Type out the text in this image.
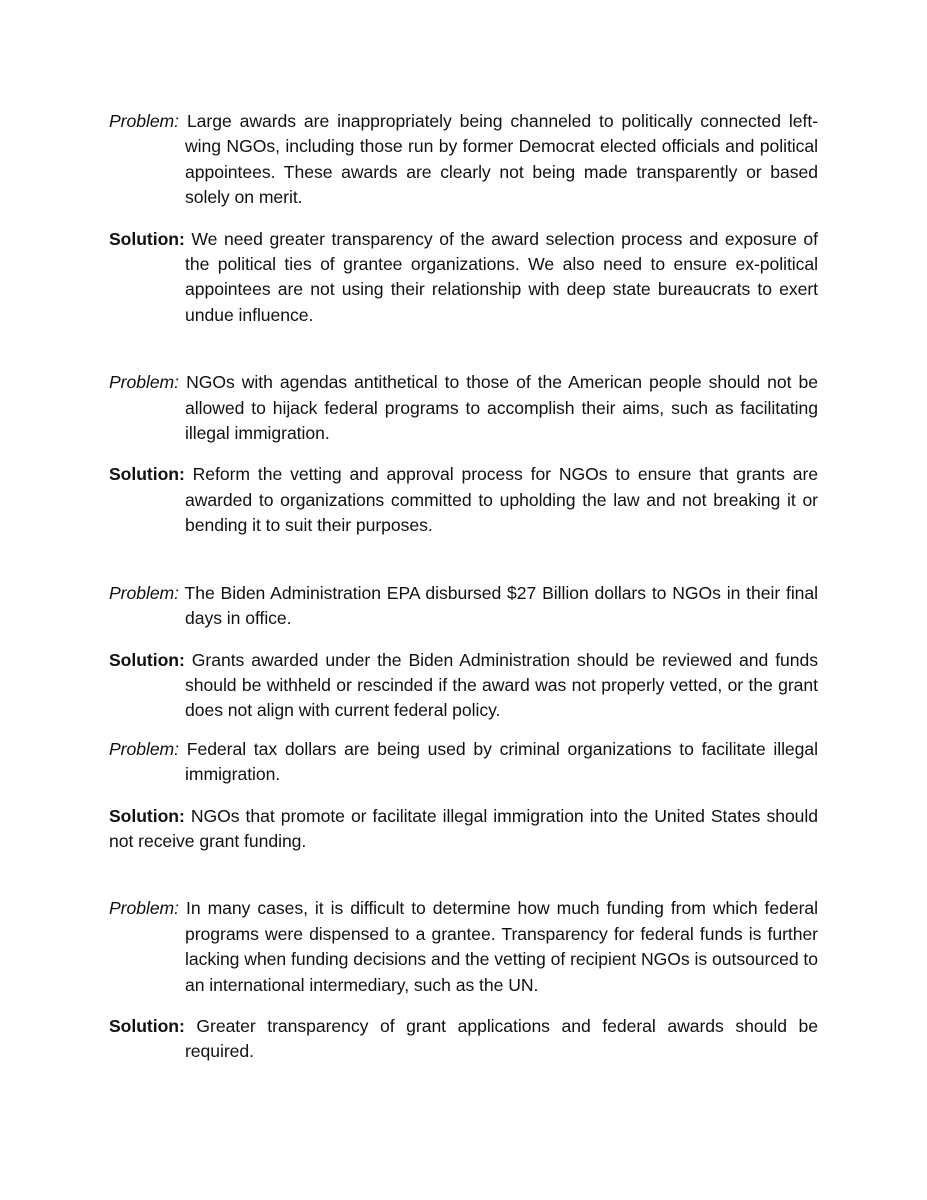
Problem: Large awards are inappropriately being channeled to politically connected left-wing NGOs, including those run by former Democrat elected officials and political appointees. These awards are clearly not being made transparently or based solely on merit.

Solution: We need greater transparency of the award selection process and exposure of the political ties of grantee organizations. We also need to ensure ex-political appointees are not using their relationship with deep state bureaucrats to exert undue influence.

Problem: NGOs with agendas antithetical to those of the American people should not be allowed to hijack federal programs to accomplish their aims, such as facilitating illegal immigration.

Solution: Reform the vetting and approval process for NGOs to ensure that grants are awarded to organizations committed to upholding the law and not breaking it or bending it to suit their purposes.

Problem: The Biden Administration EPA disbursed $27 Billion dollars to NGOs in their final days in office.

Solution: Grants awarded under the Biden Administration should be reviewed and funds should be withheld or rescinded if the award was not properly vetted, or the grant does not align with current federal policy.

Problem: Federal tax dollars are being used by criminal organizations to facilitate illegal immigration.

Solution: NGOs that promote or facilitate illegal immigration into the United States should not receive grant funding.

Problem: In many cases, it is difficult to determine how much funding from which federal programs were dispensed to a grantee. Transparency for federal funds is further lacking when funding decisions and the vetting of recipient NGOs is outsourced to an international intermediary, such as the UN.

Solution: Greater transparency of grant applications and federal awards should be required.
